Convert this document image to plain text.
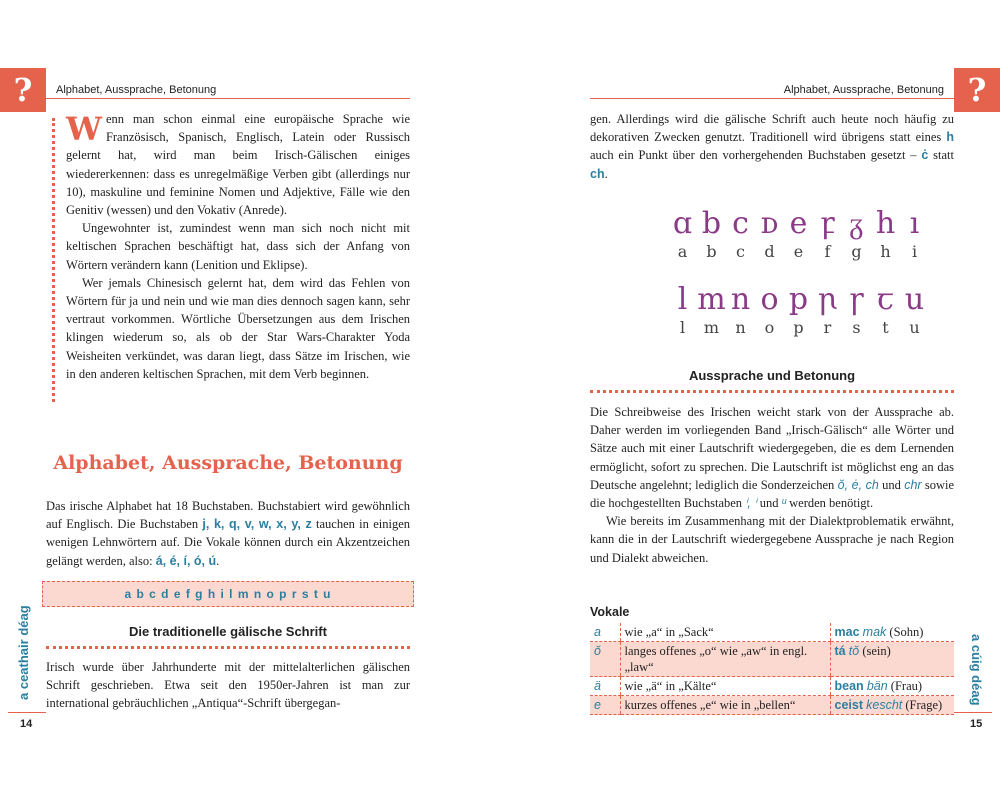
?	Alphabet, Aussprache, Betonung

Wenn man schon einmal eine europäische Sprache wie Französisch, Spanisch, Englisch, Latein oder Russisch gelernt hat, wird man beim Irisch-Gälischen einiges wiedererkennen: dass es unregelmäßige Verben gibt (allerdings nur 10), maskuline und feminine Nomen und Adjektive, Fälle wie den Genitiv (wessen) und den Vokativ (Anrede).

Ungewohnter ist, zumindest wenn man sich noch nicht mit keltischen Sprachen beschäftigt hat, dass sich der Anfang von Wörtern verändern kann (Lenition und Eklipse).

Wer jemals Chinesisch gelernt hat, dem wird das Fehlen von Wörtern für ja und nein und wie man dies dennoch sagen kann, sehr vertraut vorkommen. Wörtliche Übersetzungen aus dem Irischen klingen wiederum so, als ob der Star Wars-Charakter Yoda Weisheiten verkündet, was daran liegt, dass Sätze im Irischen, wie in den anderen keltischen Sprachen, mit dem Verb beginnen.

Alphabet, Aussprache, Betonung

Das irische Alphabet hat 18 Buchstaben. Buchstabiert wird gewöhnlich auf Englisch. Die Buchstaben j, k, q, v, w, x, y, z tauchen in einigen wenigen Lehnwörtern auf. Die Vokale können durch ein Akzentzeichen gelängt werden, also: á, é, í, ó, ú.

a b c d e f g h i l m n o p r s t u
Die traditionelle gälische Schrift

Irisch wurde über Jahrhunderte mit der mittelalterlichen gälischen Schrift geschrieben. Etwa seit den 1950er-Jahren ist man zur international gebräuchlichen „Antiqua“-Schrift übergegan-

a ceathair déag
14
?
Alphabet, Aussprache, Betonung
a cúig déag
15

gen. Allerdings wird die gälische Schrift auch heute noch häufig zu dekorativen Zwecken genutzt. Traditionell wird übrigens statt eines h auch ein Punkt über den vorhergehenden Buchstaben gesetzt – ċ statt ch.

ɑ b c ᴅ e ꝼ ᵹ h ı
a	b	c	d	e	f	g	h	i
l m n o p ꞃ ꞅ ꞇ u
l	m	n	o	p	r	s	t	u
Aussprache und Betonung

Die Schreibweise des Irischen weicht stark von der Aussprache ab. Daher werden im vorliegenden Band „Irisch-Gälisch“ alle Wörter und Sätze auch mit einer Lautschrift wiedergegeben, die es dem Lernenden ermöglicht, sofort zu sprechen. Die Lautschrift ist möglichst eng an das Deutsche angelehnt; lediglich die Sonderzeichen ŏ, ė, ch und chr sowie die hochgestellten Buchstaben ⁱ, ⁱ und ᵘ werden benötigt.

Wie bereits im Zusammenhang mit der Dialektproblematik erwähnt, kann die in der Lautschrift wiedergegebene Aussprache je nach Region und Dialekt abweichen.

Vokale
a	wie „a“ in „Sack“	mac mak (Sohn)
ŏ	langes offenes „o“ wie „aw“ in engl. „law“	tá tŏ (sein)
ä	wie „ä“ in „Kälte“	bean bän (Frau)
e	kurzes offenes „e“ wie in „bellen“	ceist kescht (Frage)
